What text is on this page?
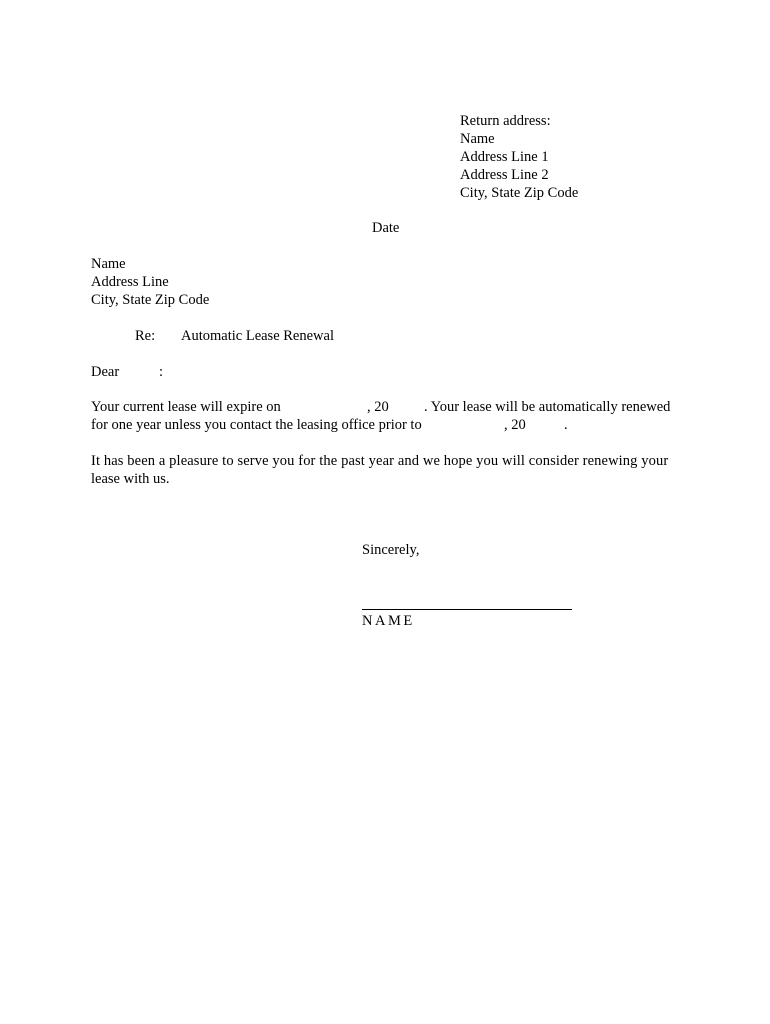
Return address:
Name
Address Line 1
Address Line 2
City, State Zip Code
Date
Name
Address Line
City, State Zip Code
Re: Automatic Lease Renewal
Dear	:
Your current lease will expire on	, 20 . Your lease will be automatically renewed
for one year unless you contact the leasing office prior to	, 20	.
It has been a pleasure to serve you for the past year and we hope you will consider renewing your
lease with us.
Sincerely,
NAME
